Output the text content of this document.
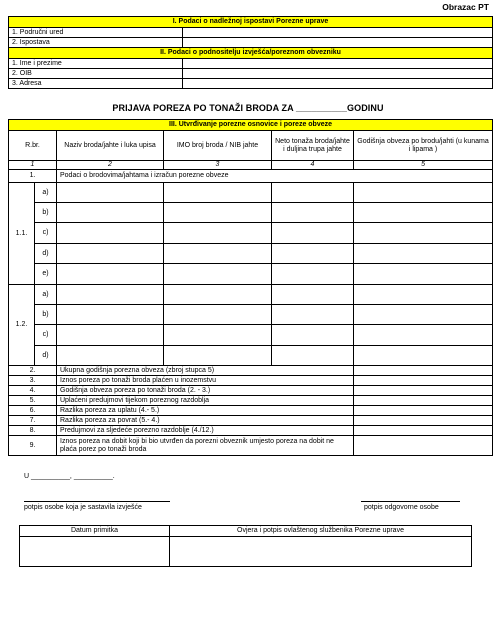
Obrazac PT
I. Podaci o nadležnoj ispostavi Porezne uprave	
1. Područni ured	
2. Ispostava	
II. Podaci o podnositelju izvješća/poreznom obvezniku	
1. Ime i prezime	
2. OIB	
3. Adresa	
PRIJAVA POREZA PO TONAŽI BRODA ZA __________GODINU
III. Utvrđivanje porezne osnovice i poreze obveze					
R.br.		Naziv broda/jahte i luka upisa	IMO broj broda / NIB jahte	Neto tonaža broda/jahte i duljina trupa jahte	Godišnja obveza po brodu/jahti (u kunama i lipama )
1		2	3	4	5
1.		Podaci o brodovima/jahtama i izračun porezne obveze			
1.1.	a)				
	b)				
	c)				
	d)				
	e)				
1.2.	a)				
	b)				
	c)				
	d)				
2.		Ukupna godišnja porezna obveza (zbroj stupca 5)			
3.		Iznos poreza po tonaži broda plaćen u inozemstvu			
4.		Godišnja obveza poreza po tonaži broda (2. - 3.)			
5.		Uplaćeni predujmovi tijekom poreznog razdoblja			
6.		Razlika poreza za uplatu (4.- 5.)			
7.		Razlika poreza za povrat (5.- 4.)			
8.		Predujmovi za sljedeće porezno razdoblje (4./12.)			
9.		Iznos poreza na dobit koji bi bio utvrđen da porezni obveznik umjesto poreza na dobit ne plaća porez po tonaži broda			
U __________, __________.
potpis osobe koja je sastavila izvješće	potpis odgovorne osobe
Datum primitka	Ovjera i potpis ovlaštenog službenika Porezne uprave
